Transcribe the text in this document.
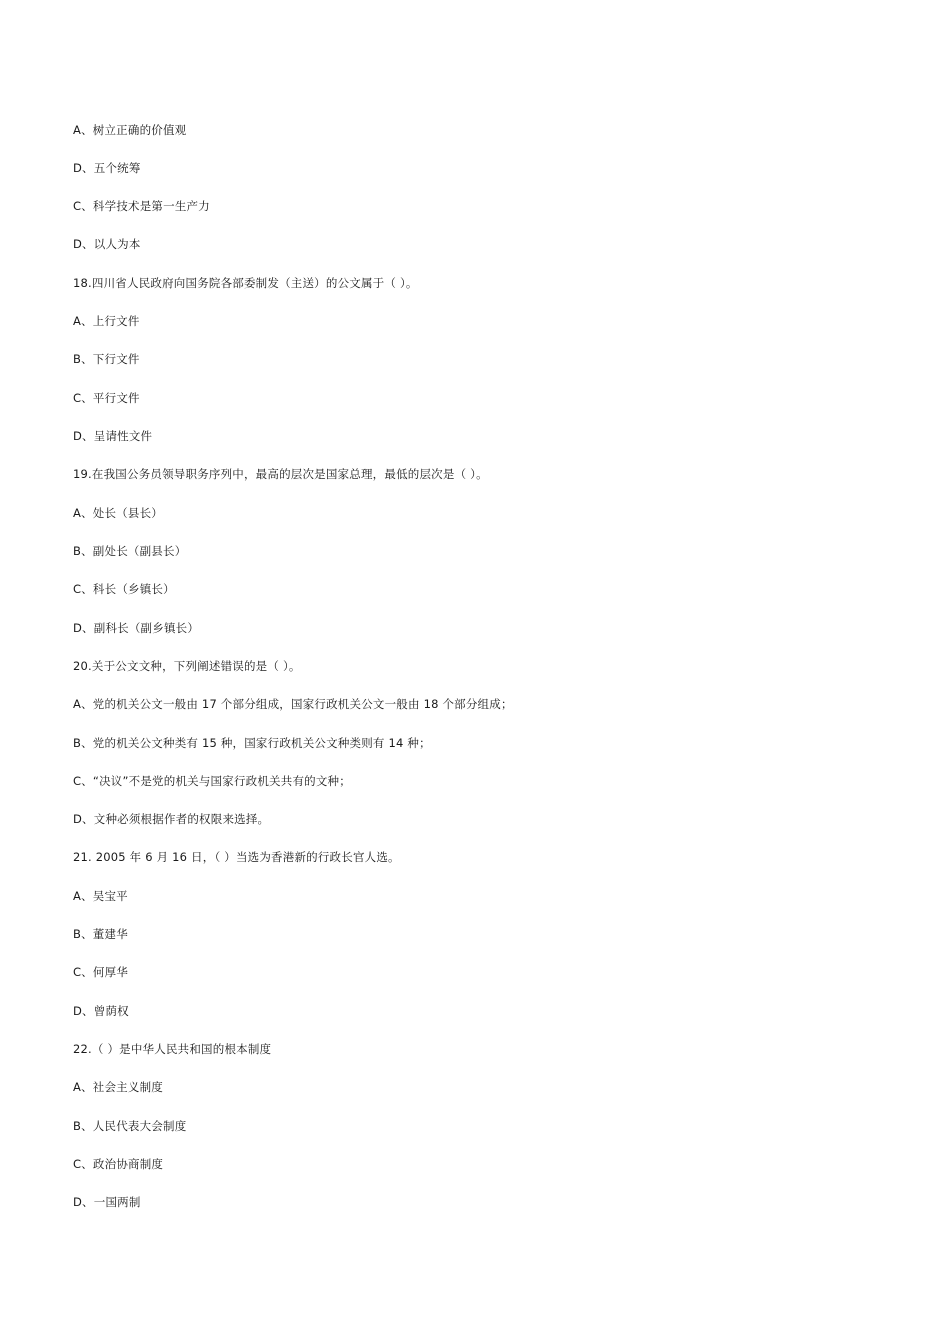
A、树立正确的价值观
D、五个统筹
C、科学技术是第一生产力
D、以人为本
18.四川省人民政府向国务院各部委制发（主送）的公文属于（ ）。
A、上行文件
B、下行文件
C、平行文件
D、呈请性文件
19.在我国公务员领导职务序列中，最高的层次是国家总理，最低的层次是（ ）。
A、处长（县长）
B、副处长（副县长）
C、科长（乡镇长）
D、副科长（副乡镇长）
20.关于公文文种，下列阐述错误的是（ ）。
A、党的机关公文一般由 17 个部分组成，国家行政机关公文一般由 18 个部分组成；
B、党的机关公文种类有 15 种，国家行政机关公文种类则有 14 种；
C、“决议”不是党的机关与国家行政机关共有的文种；
D、文种必须根据作者的权限来选择。
21. 2005 年 6 月 16 日，（ ）当选为香港新的行政长官人选。
A、吴宝平
B、董建华
C、何厚华
D、曾荫权
22.（ ）是中华人民共和国的根本制度
A、社会主义制度
B、人民代表大会制度
C、政治协商制度
D、一国两制
